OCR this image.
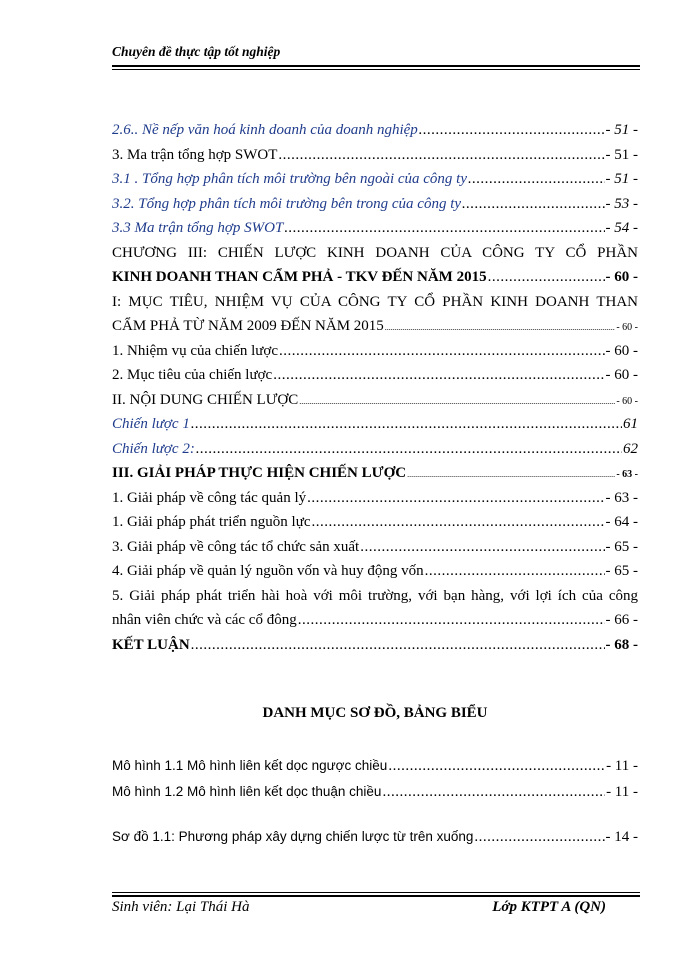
Chuyên đề thực tập tốt nghiệp
2.6.. Nề nếp văn hoá kinh doanh của doanh nghiệp .....	- 51 -
3. Ma trận tổng hợp SWOT .....	- 51 -
3.1 . Tổng hợp phân tích môi trường bên ngoài của công ty .....	- 51 -
3.2. Tổng hợp phân tích môi trường bên trong của công ty .....	- 53 -
3.3 Ma trận tổng hợp SWOT .....	- 54 -
CHƯƠNG III: CHIẾN LƯỢC KINH DOANH CỦA CÔNG TY CỔ PHẦN
KINH DOANH THAN CẨM PHẢ - TKV ĐẾN NĂM 2015 .....	- 60 -
I: MỤC TIÊU, NHIỆM VỤ CỦA CÔNG TY CỔ PHẦN KINH DOANH THAN
CẨM PHẢ TỪ NĂM 2009 ĐẾN NĂM 2015 .....	- 60 -
1. Nhiệm vụ của chiến lược .....	- 60 -
2. Mục tiêu của chiến lược .....	- 60 -
II. NỘI DUNG CHIẾN LƯỢC .....	- 60 -
Chiến lược 1 .....	61
Chiến lược 2: .....	62
III. GIẢI PHÁP THỰC HIỆN CHIẾN LƯỢC .....	- 63 -
1. Giải pháp về công tác quản lý .....	- 63 -
1. Giải pháp phát triển nguồn lực .....	- 64 -
3. Giải pháp về công tác tổ chức sản xuất .....	- 65 -
4. Giải pháp về quản lý nguồn vốn và huy động vốn .....	- 65 -
5. Giải pháp phát triển hài hoà với môi trường, với bạn hàng, với lợi ích của công
nhân viên chức và các cổ đông .....	- 66 -
KẾT LUẬN .....	- 68 -
DANH MỤC SƠ ĐỒ, BẢNG BIỂU
Mô hình 1.1 Mô hình liên kết dọc ngược chiều .....	- 11 -
Mô hình 1.2 Mô hình liên kết dọc thuận chiều .....	- 11 -
Sơ đồ 1.1: Phương pháp xây dựng chiến lược từ trên xuống .....	- 14 -
Sinh viên: Lại Thái Hà	Lớp KTPT A (QN)
